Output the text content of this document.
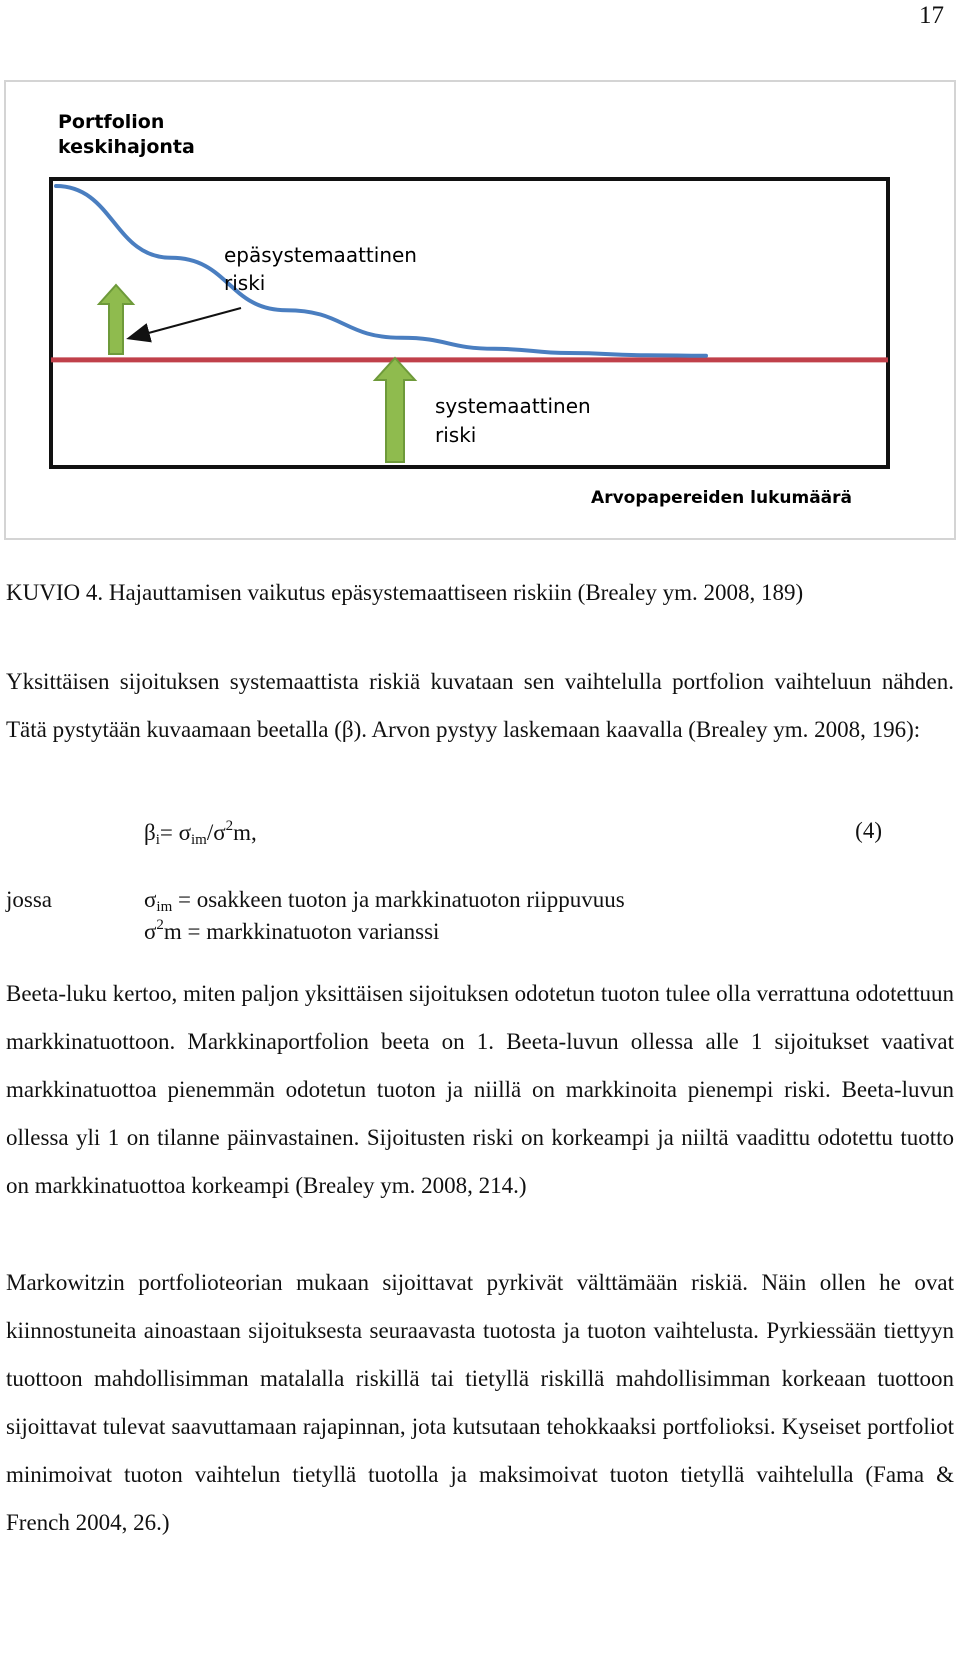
17
Portfolion
keskihajonta
epäsystemaattinen
riski
systemaattinen
riski
Arvopapereiden lukumäärä
KUVIO 4. Hajauttamisen vaikutus epäsystemaattiseen riskiin (Brealey ym. 2008, 189)

Yksittäisen sijoituksen systemaattista riskiä kuvataan sen vaihtelulla portfolion vaihteluun nähden. Tätä pystytään kuvaamaan beetalla (β). Arvon pystyy laskemaan kaavalla (Brealey ym. 2008, 196):

$\beta_i= \sigma_{im}/\sigma^2m$,	(4)
jossa	$\sigma_{im}$ = osakkeen tuoton ja markkinatuoton riippuvuus
$\sigma^2m$ = markkinatuoton varianssi

Beeta-luku kertoo, miten paljon yksittäisen sijoituksen odotetun tuoton tulee olla verrattuna odotettuun markkinatuottoon. Markkinaportfolion beeta on 1. Beeta-luvun ollessa alle 1 sijoitukset vaativat markkinatuottoa pienemmän odotetun tuoton ja niillä on markkinoita pienempi riski. Beeta-luvun ollessa yli 1 on tilanne päinvastainen. Sijoitusten riski on korkeampi ja niiltä vaadittu odotettu tuotto on markkinatuottoa korkeampi (Brealey ym. 2008, 214.)

Markowitzin portfolioteorian mukaan sijoittavat pyrkivät välttämään riskiä. Näin ollen he ovat kiinnostuneita ainoastaan sijoituksesta seuraavasta tuotosta ja tuoton vaihtelusta. Pyrkiessään tiettyyn tuottoon mahdollisimman matalalla riskillä tai tietyllä riskillä mahdollisimman korkeaan tuottoon sijoittavat tulevat saavuttamaan rajapinnan, jota kutsutaan tehokkaaksi portfolioksi. Kyseiset portfoliot minimoivat tuoton vaihtelun tietyllä tuotolla ja maksimoivat tuoton tietyllä vaihtelulla (Fama & French 2004, 26.)
